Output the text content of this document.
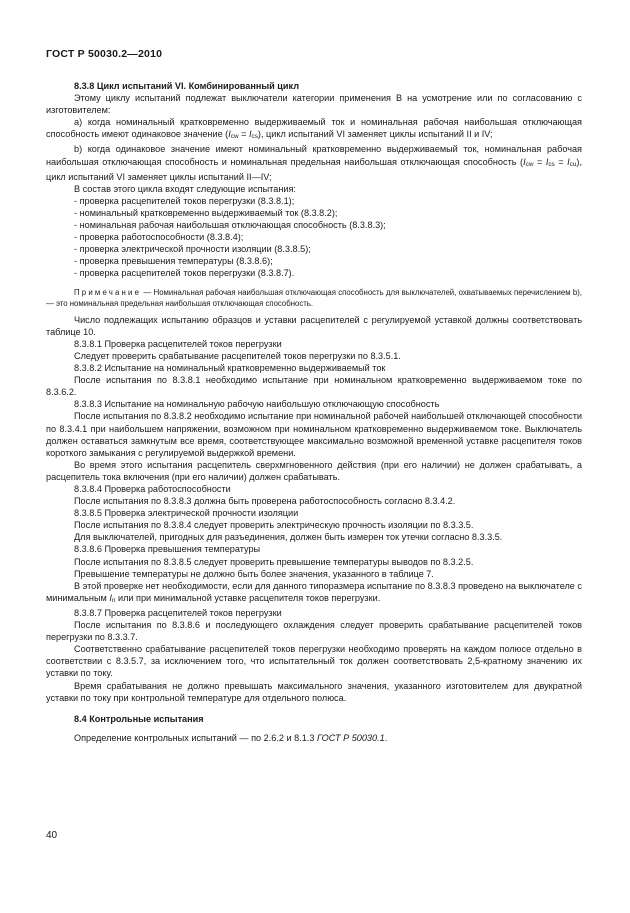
ГОСТ Р 50030.2—2010

8.3.8 Цикл испытаний VI. Комбинированный цикл

Этому циклу испытаний подлежат выключатели категории применения В на усмотрение или по согласованию с изготовителем:

а) когда номинальный кратковременно выдерживаемый ток и номинальная рабочая наибольшая отключающая способность имеют одинаковое значение (Icw = Ics), цикл испытаний VI заменяет циклы испытаний II и IV;

b) когда одинаковое значение имеют номинальный кратковременно выдерживаемый ток, номинальная рабочая наибольшая отключающая способность и номинальная предельная наибольшая отключающая способность (Icw = Ics = Icu), цикл испытаний VI заменяет циклы испытаний II—IV;

В состав этого цикла входят следующие испытания:

- проверка расцепителей токов перегрузки (8.3.8.1);
- номинальный кратковременно выдерживаемый ток (8.3.8.2);
- номинальная рабочая наибольшая отключающая способность (8.3.8.3);
- проверка работоспособности (8.3.8.4);
- проверка электрической прочности изоляции (8.3.8.5);
- проверка превышения температуры (8.3.8.6);
- проверка расцепителей токов перегрузки (8.3.8.7).

Примечание — Номинальная рабочая наибольшая отключающая способность для выключателей, охватываемых перечислением b), — это номинальная предельная наибольшая отключающая способность.

Число подлежащих испытанию образцов и уставки расцепителей с регулируемой уставкой должны соответствовать таблице 10.

8.3.8.1 Проверка расцепителей токов перегрузки

Следует проверить срабатывание расцепителей токов перегрузки по 8.3.5.1.

8.3.8.2 Испытание на номинальный кратковременно выдерживаемый ток

После испытания по 8.3.8.1 необходимо испытание при номинальном кратковременно выдерживаемом токе по 8.3.6.2.

8.3.8.3 Испытание на номинальную рабочую наибольшую отключающую способность

После испытания по 8.3.8.2 необходимо испытание при номинальной рабочей наибольшей отключающей способности по 8.3.4.1 при наибольшем напряжении, возможном при номинальном кратковременно выдерживаемом токе. Выключатель должен оставаться замкнутым все время, соответствующее максимально возможной временной уставке расцепителя токов короткого замыкания с регулируемой выдержкой времени.

Во время этого испытания расцепитель сверхмгновенного действия (при его наличии) не должен срабатывать, а расцепитель тока включения (при его наличии) должен срабатывать.

8.3.8.4 Проверка работоспособности

После испытания по 8.3.8.3 должна быть проверена работоспособность согласно 8.3.4.2.

8.3.8.5 Проверка электрической прочности изоляции

После испытания по 8.3.8.4 следует проверить электрическую прочность изоляции по 8.3.3.5.

Для выключателей, пригодных для разъединения, должен быть измерен ток утечки согласно 8.3.3.5.

8.3.8.6 Проверка превышения температуры

После испытания по 8.3.8.5 следует проверить превышение температуры выводов по 8.3.2.5.

Превышение температуры не должно быть более значения, указанного в таблице 7.

В этой проверке нет необходимости, если для данного типоразмера испытание по 8.3.8.3 проведено на выключателе с минимальным In или при минимальной уставке расцепителя токов перегрузки.

8.3.8.7 Проверка расцепителей токов перегрузки

После испытания по 8.3.8.6 и последующего охлаждения следует проверить срабатывание расцепителей токов перегрузки по 8.3.3.7.

Соответственно срабатывание расцепителей токов перегрузки необходимо проверять на каждом полюсе отдельно в соответствии с 8.3.5.7, за исключением того, что испытательный ток должен соответствовать 2,5-кратному значению их уставки по току.

Время срабатывания не должно превышать максимального значения, указанного изготовителем для двукратной уставки по току при контрольной температуре для отдельного полюса.

8.4 Контрольные испытания

Определение контрольных испытаний — по 2.6.2 и 8.1.3 ГОСТ Р 50030.1.

40
